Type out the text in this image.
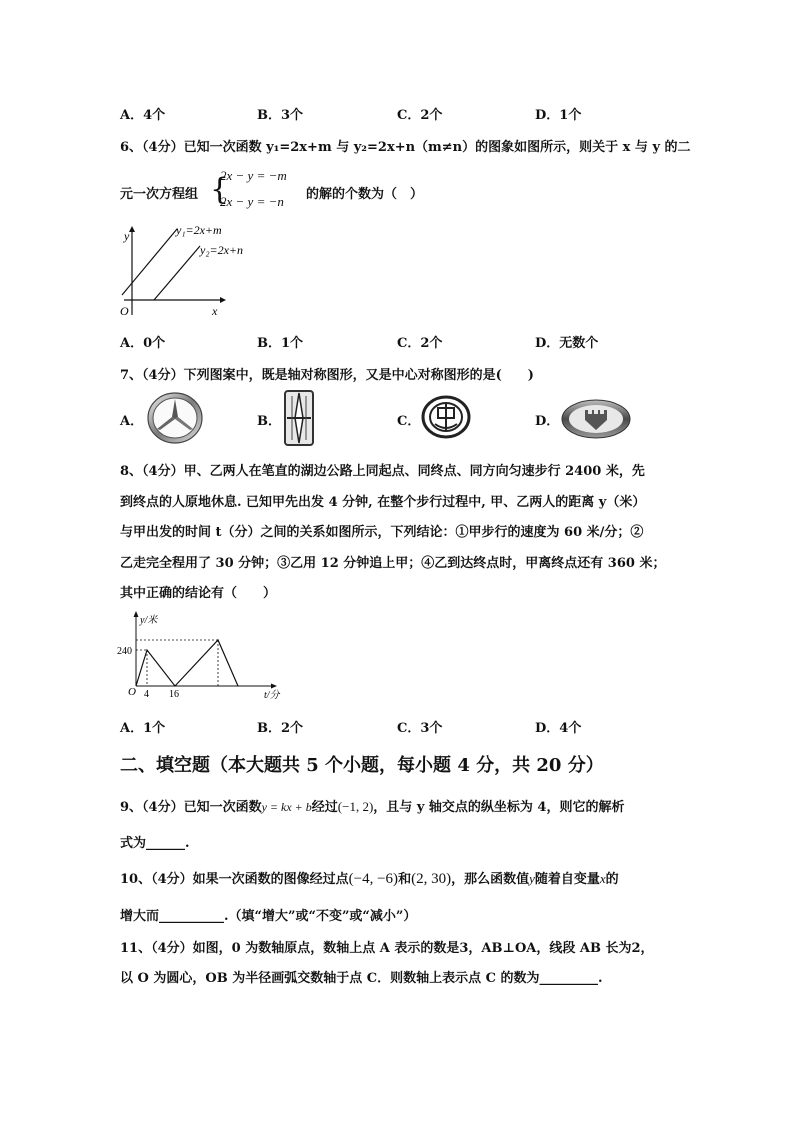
A．4个	B．3个	C．2个	D．1个
6、（4分）已知一次函数 y₁=2x+m 与 y₂=2x+n（m≠n）的图象如图所示，则关于 x 与 y 的二
元一次方程组 {
2x − y = −m
2x − y = −n 的解的个数为（　）
y₁=2x+m
y₂=2x+n
y
x
O
A．0个	B．1个	C．2个	D．无数个
7、（4分）下列图案中，既是轴对称图形，又是中心对称图形的是(　　)
A．	B．	C．	D．
8、（4分）甲、乙两人在笔直的湖边公路上同起点、同终点、同方向匀速步行 2400 米，先
到终点的人原地休息. 已知甲先出发 4 分钟, 在整个步行过程中, 甲、乙两人的距离 y（米）
与甲出发的时间 t（分）之间的关系如图所示，下列结论：①甲步行的速度为 60 米/分；②
乙走完全程用了 30 分钟；③乙用 12 分钟追上甲；④乙到达终点时，甲离终点还有 360 米；
其中正确的结论有（　　）
240
4 16
O
y/米
t/分
A．1个	B．2个	C．3个	D．4个
二、填空题（本大题共 5 个小题，每小题 4 分，共 20 分）
9、（4分）已知一次函数y = kx + b经过(−1, 2)，且与 y 轴交点的纵坐标为 4，则它的解析
式为______.
10、（4分）如果一次函数的图像经过点(−4, −6)和(2, 30)，那么函数值y随着自变量x的
增大而__________.（填“增大”或“不变”或“减小”）
11、（4分）如图，0 为数轴原点，数轴上点 A 表示的数是3，AB⊥OA，线段 AB 长为2，
以 O 为圆心，OB 为半径画弧交数轴于点 C．则数轴上表示点 C 的数为_________.
